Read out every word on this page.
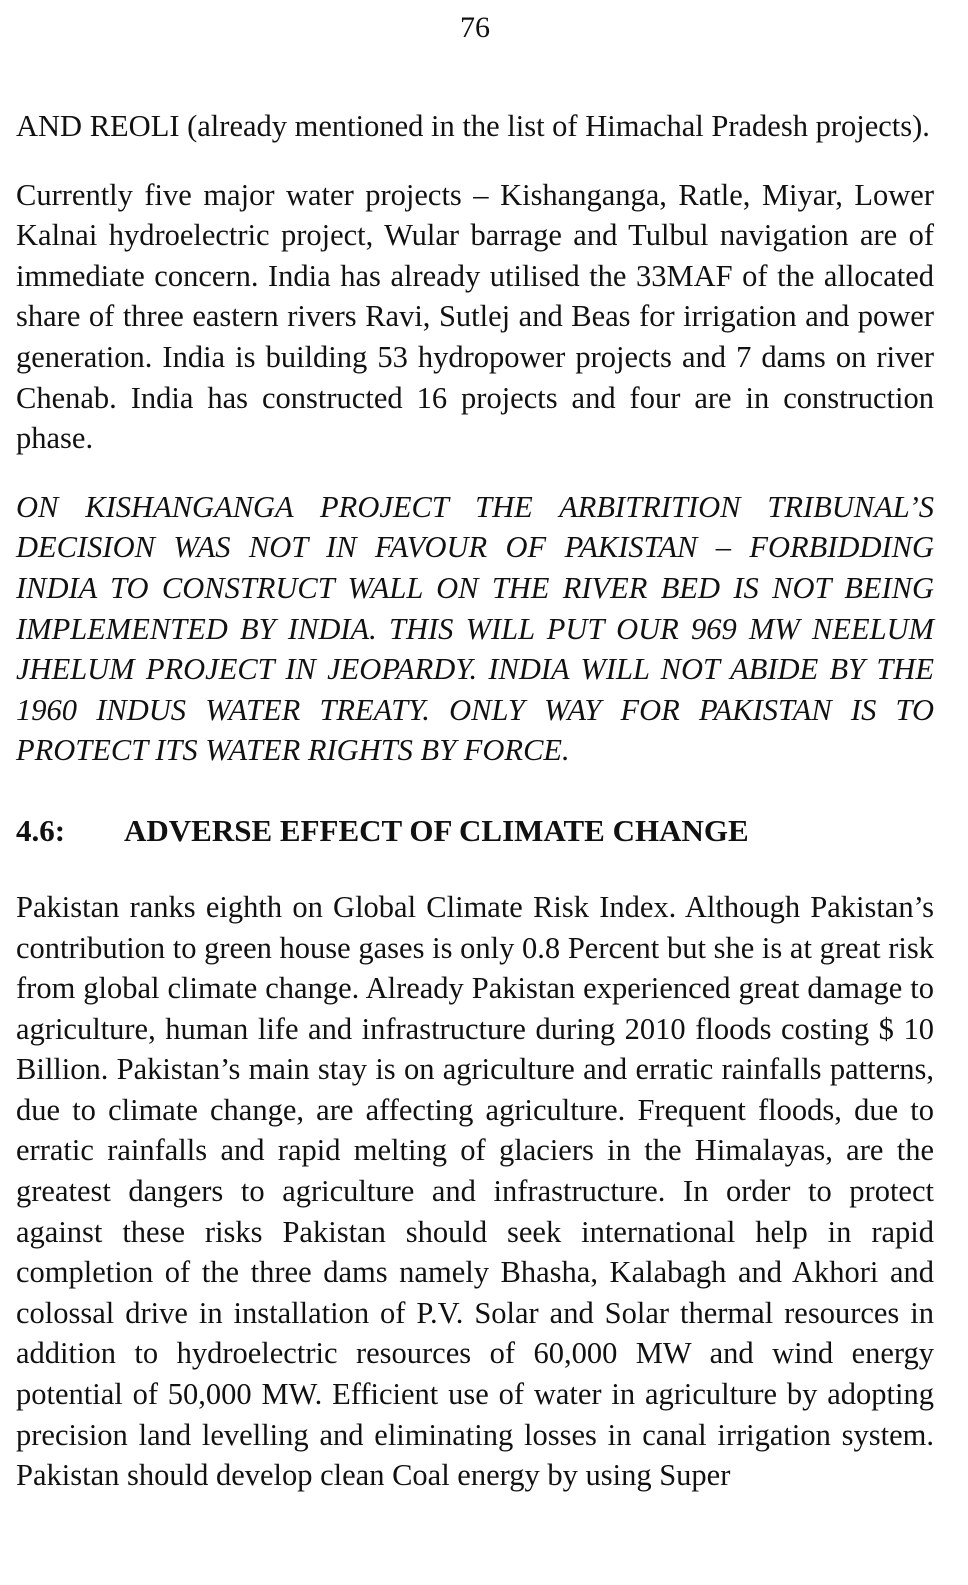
76

AND REOLI (already mentioned in the list of Himachal Pradesh projects).

Currently five major water projects – Kishanganga, Ratle, Miyar, Lower Kalnai hydroelectric project, Wular barrage and Tulbul navigation are of immediate concern. India has already utilised the 33MAF of the allocated share of three eastern rivers Ravi, Sutlej and Beas for irrigation and power generation. India is building 53 hydropower projects and 7 dams on river Chenab. India has constructed 16 projects and four are in construction phase.

ON KISHANGANGA PROJECT THE ARBITRITION TRIBUNAL’S DECISION WAS NOT IN FAVOUR OF PAKISTAN – FORBIDDING INDIA TO CONSTRUCT WALL ON THE RIVER BED IS NOT BEING IMPLEMENTED BY INDIA. THIS WILL PUT OUR 969 MW NEELUM JHELUM PROJECT IN JEOPARDY. INDIA WILL NOT ABIDE BY THE 1960 INDUS WATER TREATY. ONLY WAY FOR PAKISTAN IS TO PROTECT ITS WATER RIGHTS BY FORCE.

4.6:	ADVERSE EFFECT OF CLIMATE CHANGE

Pakistan ranks eighth on Global Climate Risk Index. Although Pakistan’s contribution to green house gases is only 0.8 Percent but she is at great risk from global climate change. Already Pakistan experienced great damage to agriculture, human life and infrastructure during 2010 floods costing $ 10 Billion. Pakistan’s main stay is on agriculture and erratic rainfalls patterns, due to climate change, are affecting agriculture. Frequent floods, due to erratic rainfalls and rapid melting of glaciers in the Himalayas, are the greatest dangers to agriculture and infrastructure. In order to protect against these risks Pakistan should seek international help in rapid completion of the three dams namely Bhasha, Kalabagh and Akhori and colossal drive in installation of P.V. Solar and Solar thermal resources in addition to hydroelectric resources of 60,000 MW and wind energy potential of 50,000 MW. Efficient use of water in agriculture by adopting precision land levelling and eliminating losses in canal irrigation system. Pakistan should develop clean Coal energy by using Super
